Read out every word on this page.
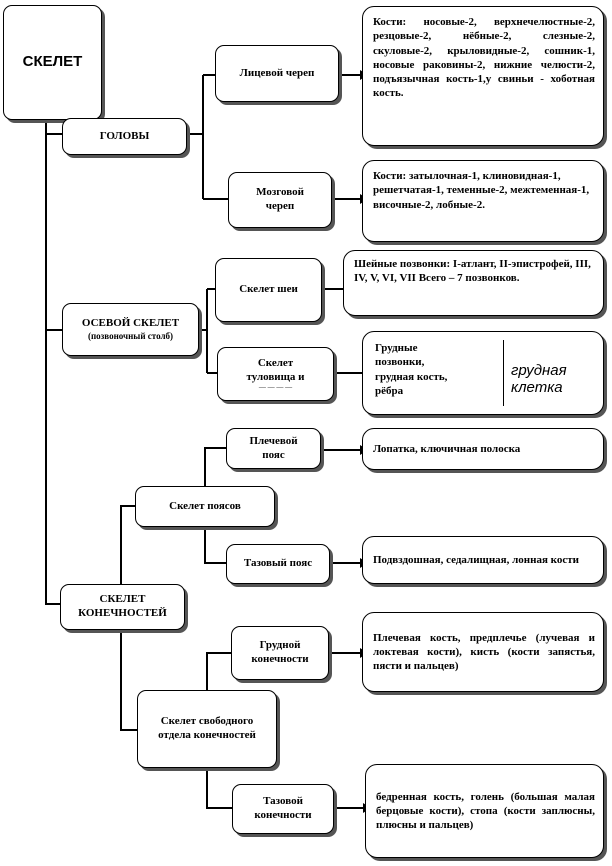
СКЕЛЕТ
ГОЛОВЫ
ОСЕВОЙ СКЕЛЕТ
(позвоночный столб)
СКЕЛЕТ КОНЕЧНОСТЕЙ
Лицевой череп
Мозговой череп
Скелет шеи
Скелет туловища и
— — — —
Скелет поясов
Скелет свободного отдела конечностей
Плечевой пояс
Тазовый пояс
Грудной конечности
Тазовой конечности
Кости: носовые-2, верхнечелюстные-2, резцовые-2, нёбные-2, слезные-2, скуловые-2, крыловидные-2, сошник-1, носовые раковины-2, нижние челюсти-2, подъязычная кость-1,у свиньи - хоботная кость.
Кости: затылочная-1, клиновидная-1, решетчатая-1, теменные-2, межтеменная-1, височные-2, лобные-2.
Шейные позвонки: I-атлант, II-эпистрофей, III, IV, V, VI, VII Всего – 7 позвонков.
Грудные
позвонки,
грудная кость,
рёбра
грудная клетка
Лопатка, ключичная полоска
Подвздошная, седалищная, лонная кости
Плечевая кость, предплечье (лучевая и локтевая кости), кисть (кости запястья, пясти и пальцев)
бедренная кость, голень (большая малая берцовые кости), стопа (кости заплюсны, плюсны и пальцев)
